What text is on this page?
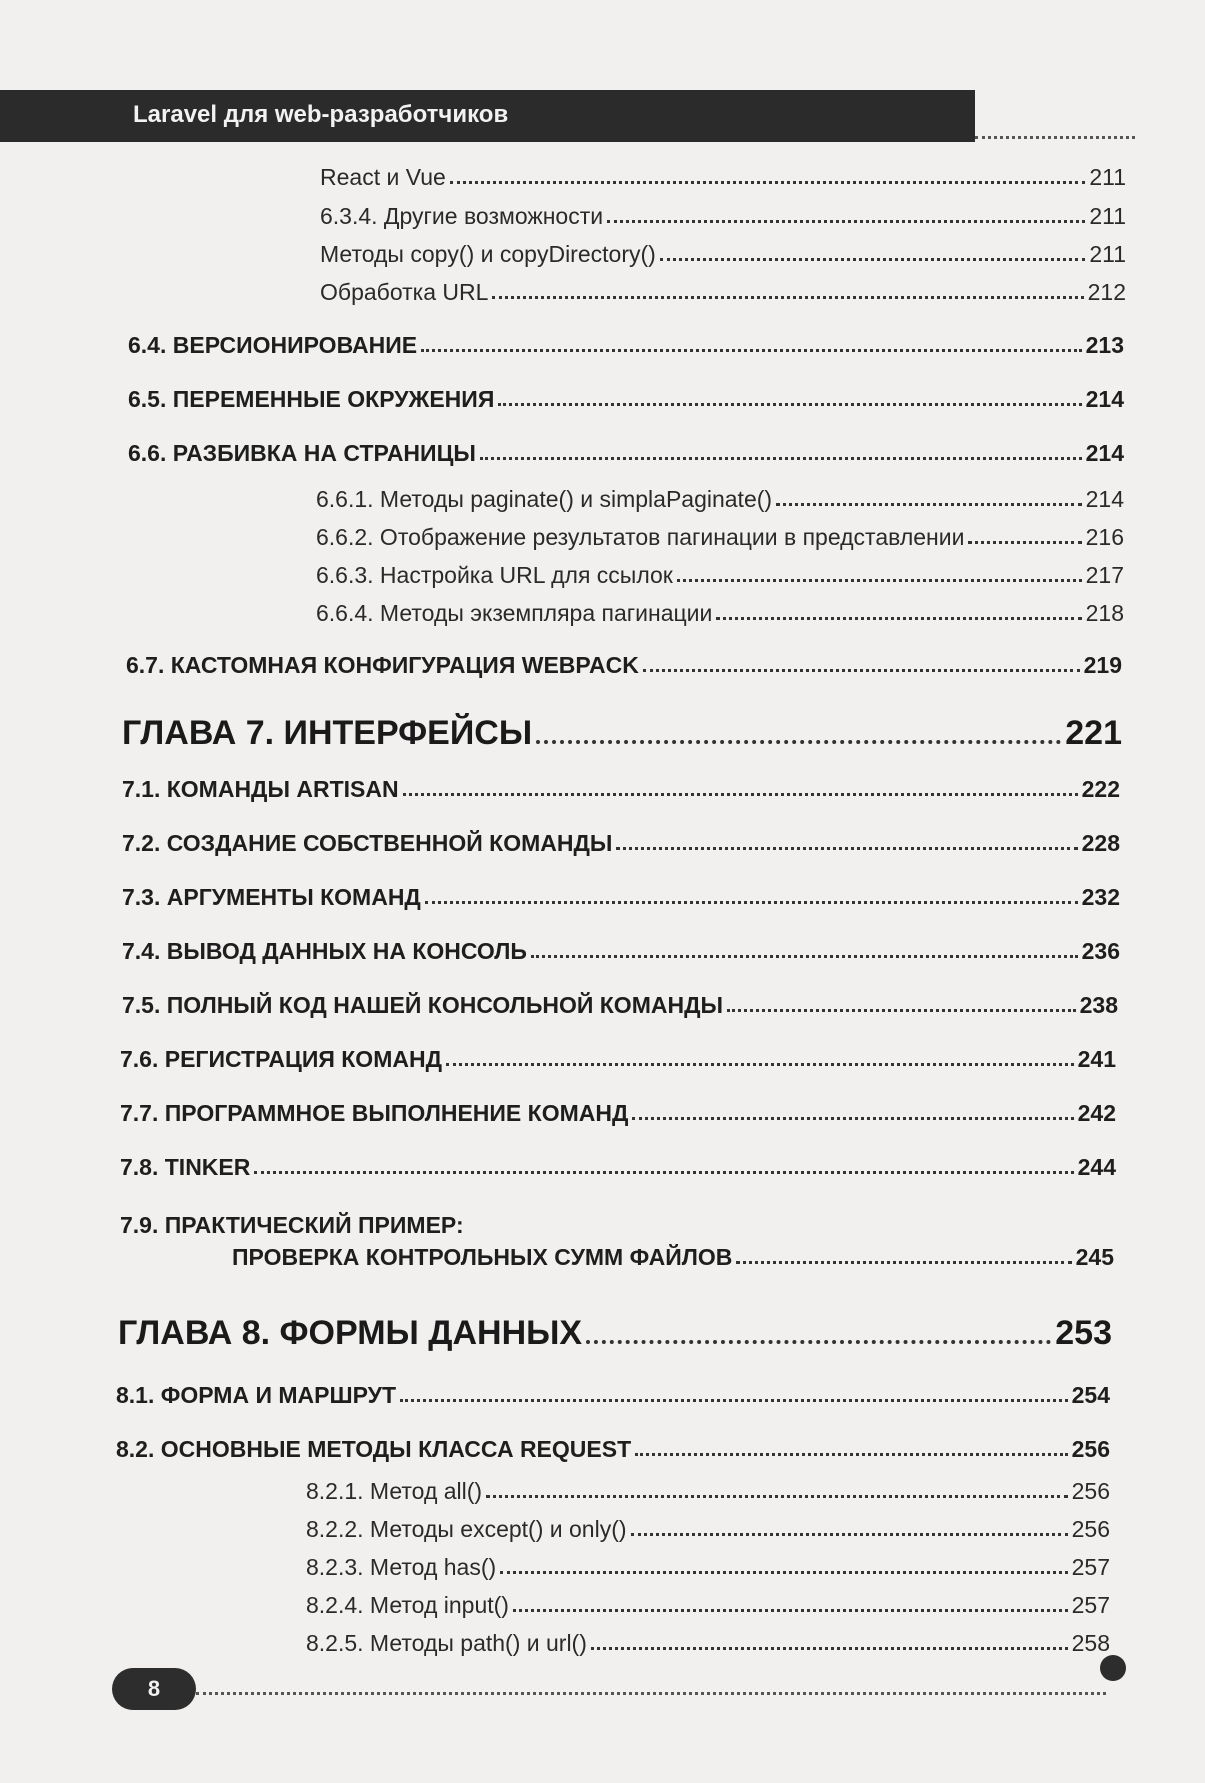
Laravel для web-разработчиков
React и Vue	211
6.3.4. Другие возможности	211
Методы copy() и copyDirectory()	211
Обработка URL	212
6.4. ВЕРСИОНИРОВАНИЕ	213
6.5. ПЕРЕМЕННЫЕ ОКРУЖЕНИЯ	214
6.6. РАЗБИВКА НА СТРАНИЦЫ	214
6.6.1. Методы paginate() и simplaPaginate()	214
6.6.2. Отображение результатов пагинации в представлении	216
6.6.3. Настройка URL для ссылок	217
6.6.4. Методы экземпляра пагинации	218
6.7. КАСТОМНАЯ КОНФИГУРАЦИЯ WEBPACK	219
ГЛАВА 7. ИНТЕРФЕЙСЫ	221
7.1. КОМАНДЫ ARTISAN	222
7.2. СОЗДАНИЕ СОБСТВЕННОЙ КОМАНДЫ	228
7.3. АРГУМЕНТЫ КОМАНД	232
7.4. ВЫВОД ДАННЫХ НА КОНСОЛЬ	236
7.5. ПОЛНЫЙ КОД НАШЕЙ КОНСОЛЬНОЙ КОМАНДЫ	238
7.6. РЕГИСТРАЦИЯ КОМАНД	241
7.7. ПРОГРАММНОЕ ВЫПОЛНЕНИЕ КОМАНД	242
7.8. TINKER	244
7.9. ПРАКТИЧЕСКИЙ ПРИМЕР:
ПРОВЕРКА КОНТРОЛЬНЫХ СУММ ФАЙЛОВ	245
ГЛАВА 8. ФОРМЫ ДАННЫХ	253
8.1. ФОРМА И МАРШРУТ	254
8.2. ОСНОВНЫЕ МЕТОДЫ КЛАССА REQUEST	256
8.2.1. Метод all()	256
8.2.2. Методы except() и only()	256
8.2.3. Метод has()	257
8.2.4. Метод input()	257
8.2.5. Методы path() и url()	258
8
